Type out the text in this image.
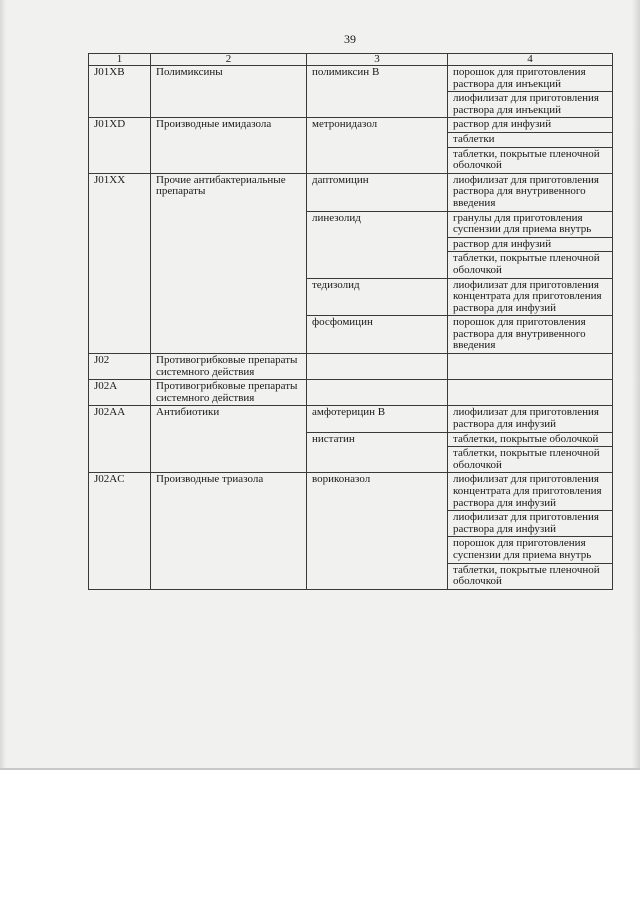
39
1	2	3	4
J01XB	Полимиксины	полимиксин В	порошок для приготовления раствора для инъекций
			лиофилизат для приготовления раствора для инъекций
J01XD	Производные имидазола	метронидазол	раствор для инфузий
			таблетки
			таблетки, покрытые пленочной оболочкой
J01XX	Прочие антибактериальные препараты	даптомицин	лиофилизат для приготовления раствора для внутривенного введения
		линезолид	гранулы для приготовления суспензии для приема внутрь
			раствор для инфузий
			таблетки, покрытые пленочной оболочкой
		тедизолид	лиофилизат для приготовления концентрата для приготовления раствора для инфузий
		фосфомицин	порошок для приготовления раствора для внутривенного введения
J02	Противогрибковые препараты системного действия		
J02A	Противогрибковые препараты системного действия		
J02AA	Антибиотики	амфотерицин В	лиофилизат для приготовления раствора для инфузий
		нистатин	таблетки, покрытые оболочкой
			таблетки, покрытые пленочной оболочкой
J02AC	Производные триазола	вориконазол	лиофилизат для приготовления концентрата для приготовления раствора для инфузий
			лиофилизат для приготовления раствора для инфузий
			порошок для приготовления суспензии для приема внутрь
			таблетки, покрытые пленочной оболочкой
